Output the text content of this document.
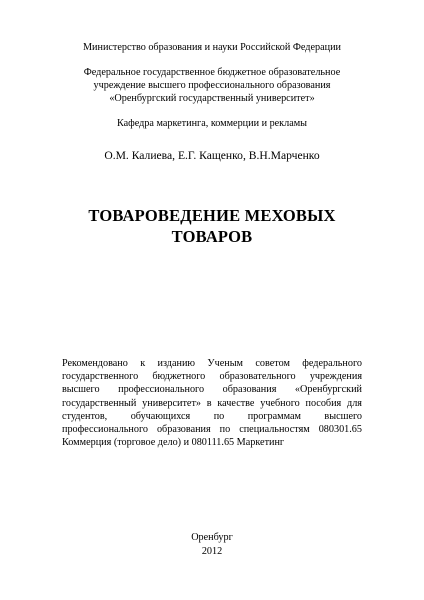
Министерство образования и науки Российской Федерации
Федеральное государственное бюджетное образовательное
учреждение высшего профессионального образования
«Оренбургский государственный университет»
Кафедра маркетинга, коммерции и рекламы
О.М. Калиева, Е.Г. Кащенко, В.Н.Марченко
ТОВАРОВЕДЕНИЕ МЕХОВЫХ
ТОВАРОВ
Рекомендовано к изданию Ученым советом федерального государственного бюджетного образовательного учреждения высшего профессионального образования «Оренбургский государственный университет» в качестве учебного пособия для студентов, обучающихся по программам высшего профессионального образования по специальностям 080301.65 Коммерция (торговое дело) и 080111.65 Маркетинг
Оренбург
2012
